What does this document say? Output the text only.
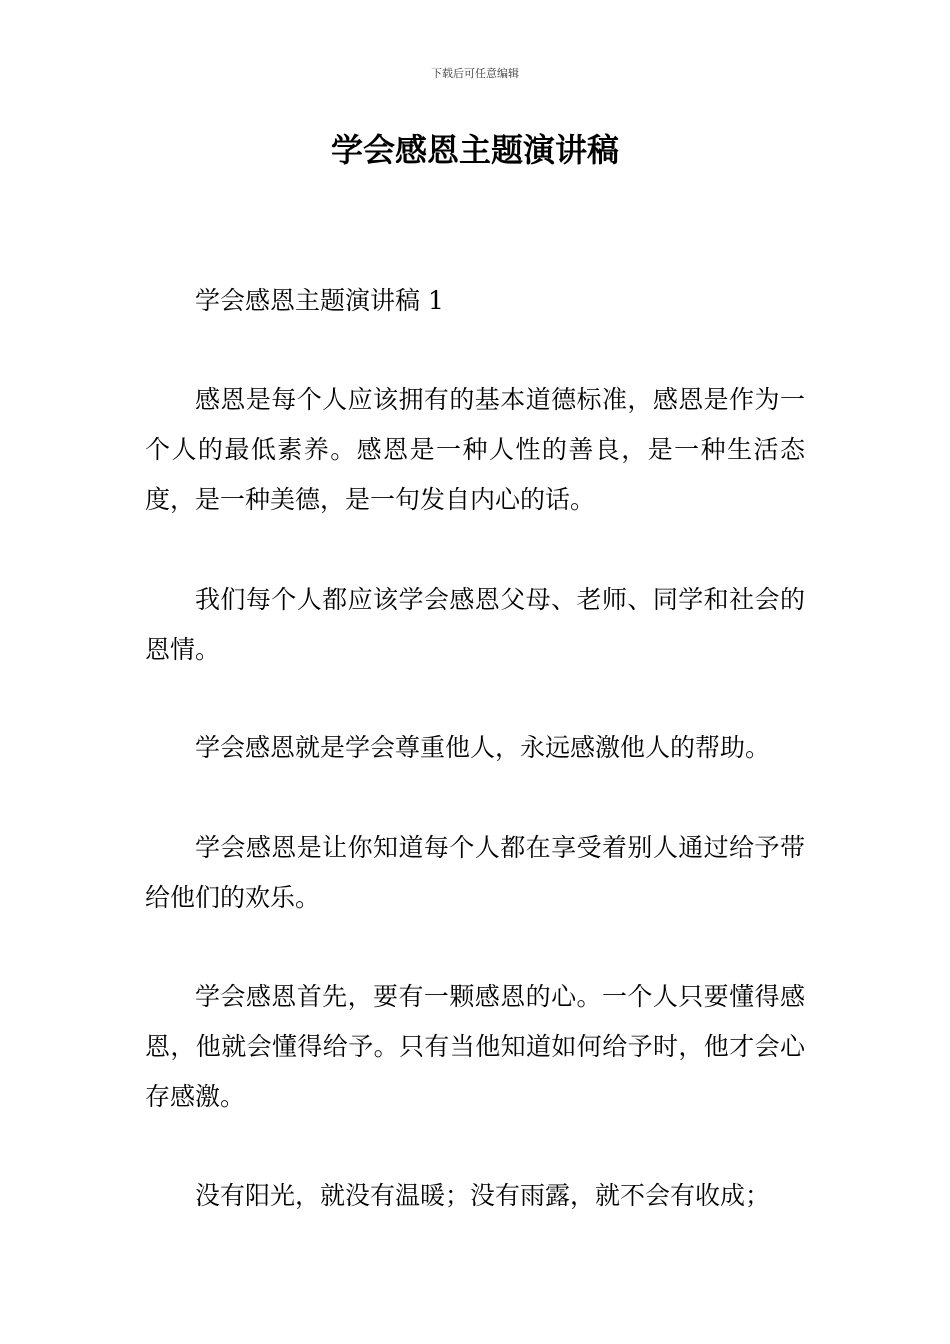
下载后可任意编辑
学会感恩主题演讲稿

学会感恩主题演讲稿 1

感恩是每个人应该拥有的基本道德标准，感恩是作为一个人的最低素养。感恩是一种人性的善良，是一种生活态度，是一种美德，是一句发自内心的话。

我们每个人都应该学会感恩父母、老师、同学和社会的恩情。

学会感恩就是学会尊重他人，永远感激他人的帮助。

学会感恩是让你知道每个人都在享受着别人通过给予带给他们的欢乐。

学会感恩首先，要有一颗感恩的心。一个人只要懂得感恩，他就会懂得给予。只有当他知道如何给予时，他才会心存感激。

没有阳光，就没有温暖；没有雨露，就不会有收成；
